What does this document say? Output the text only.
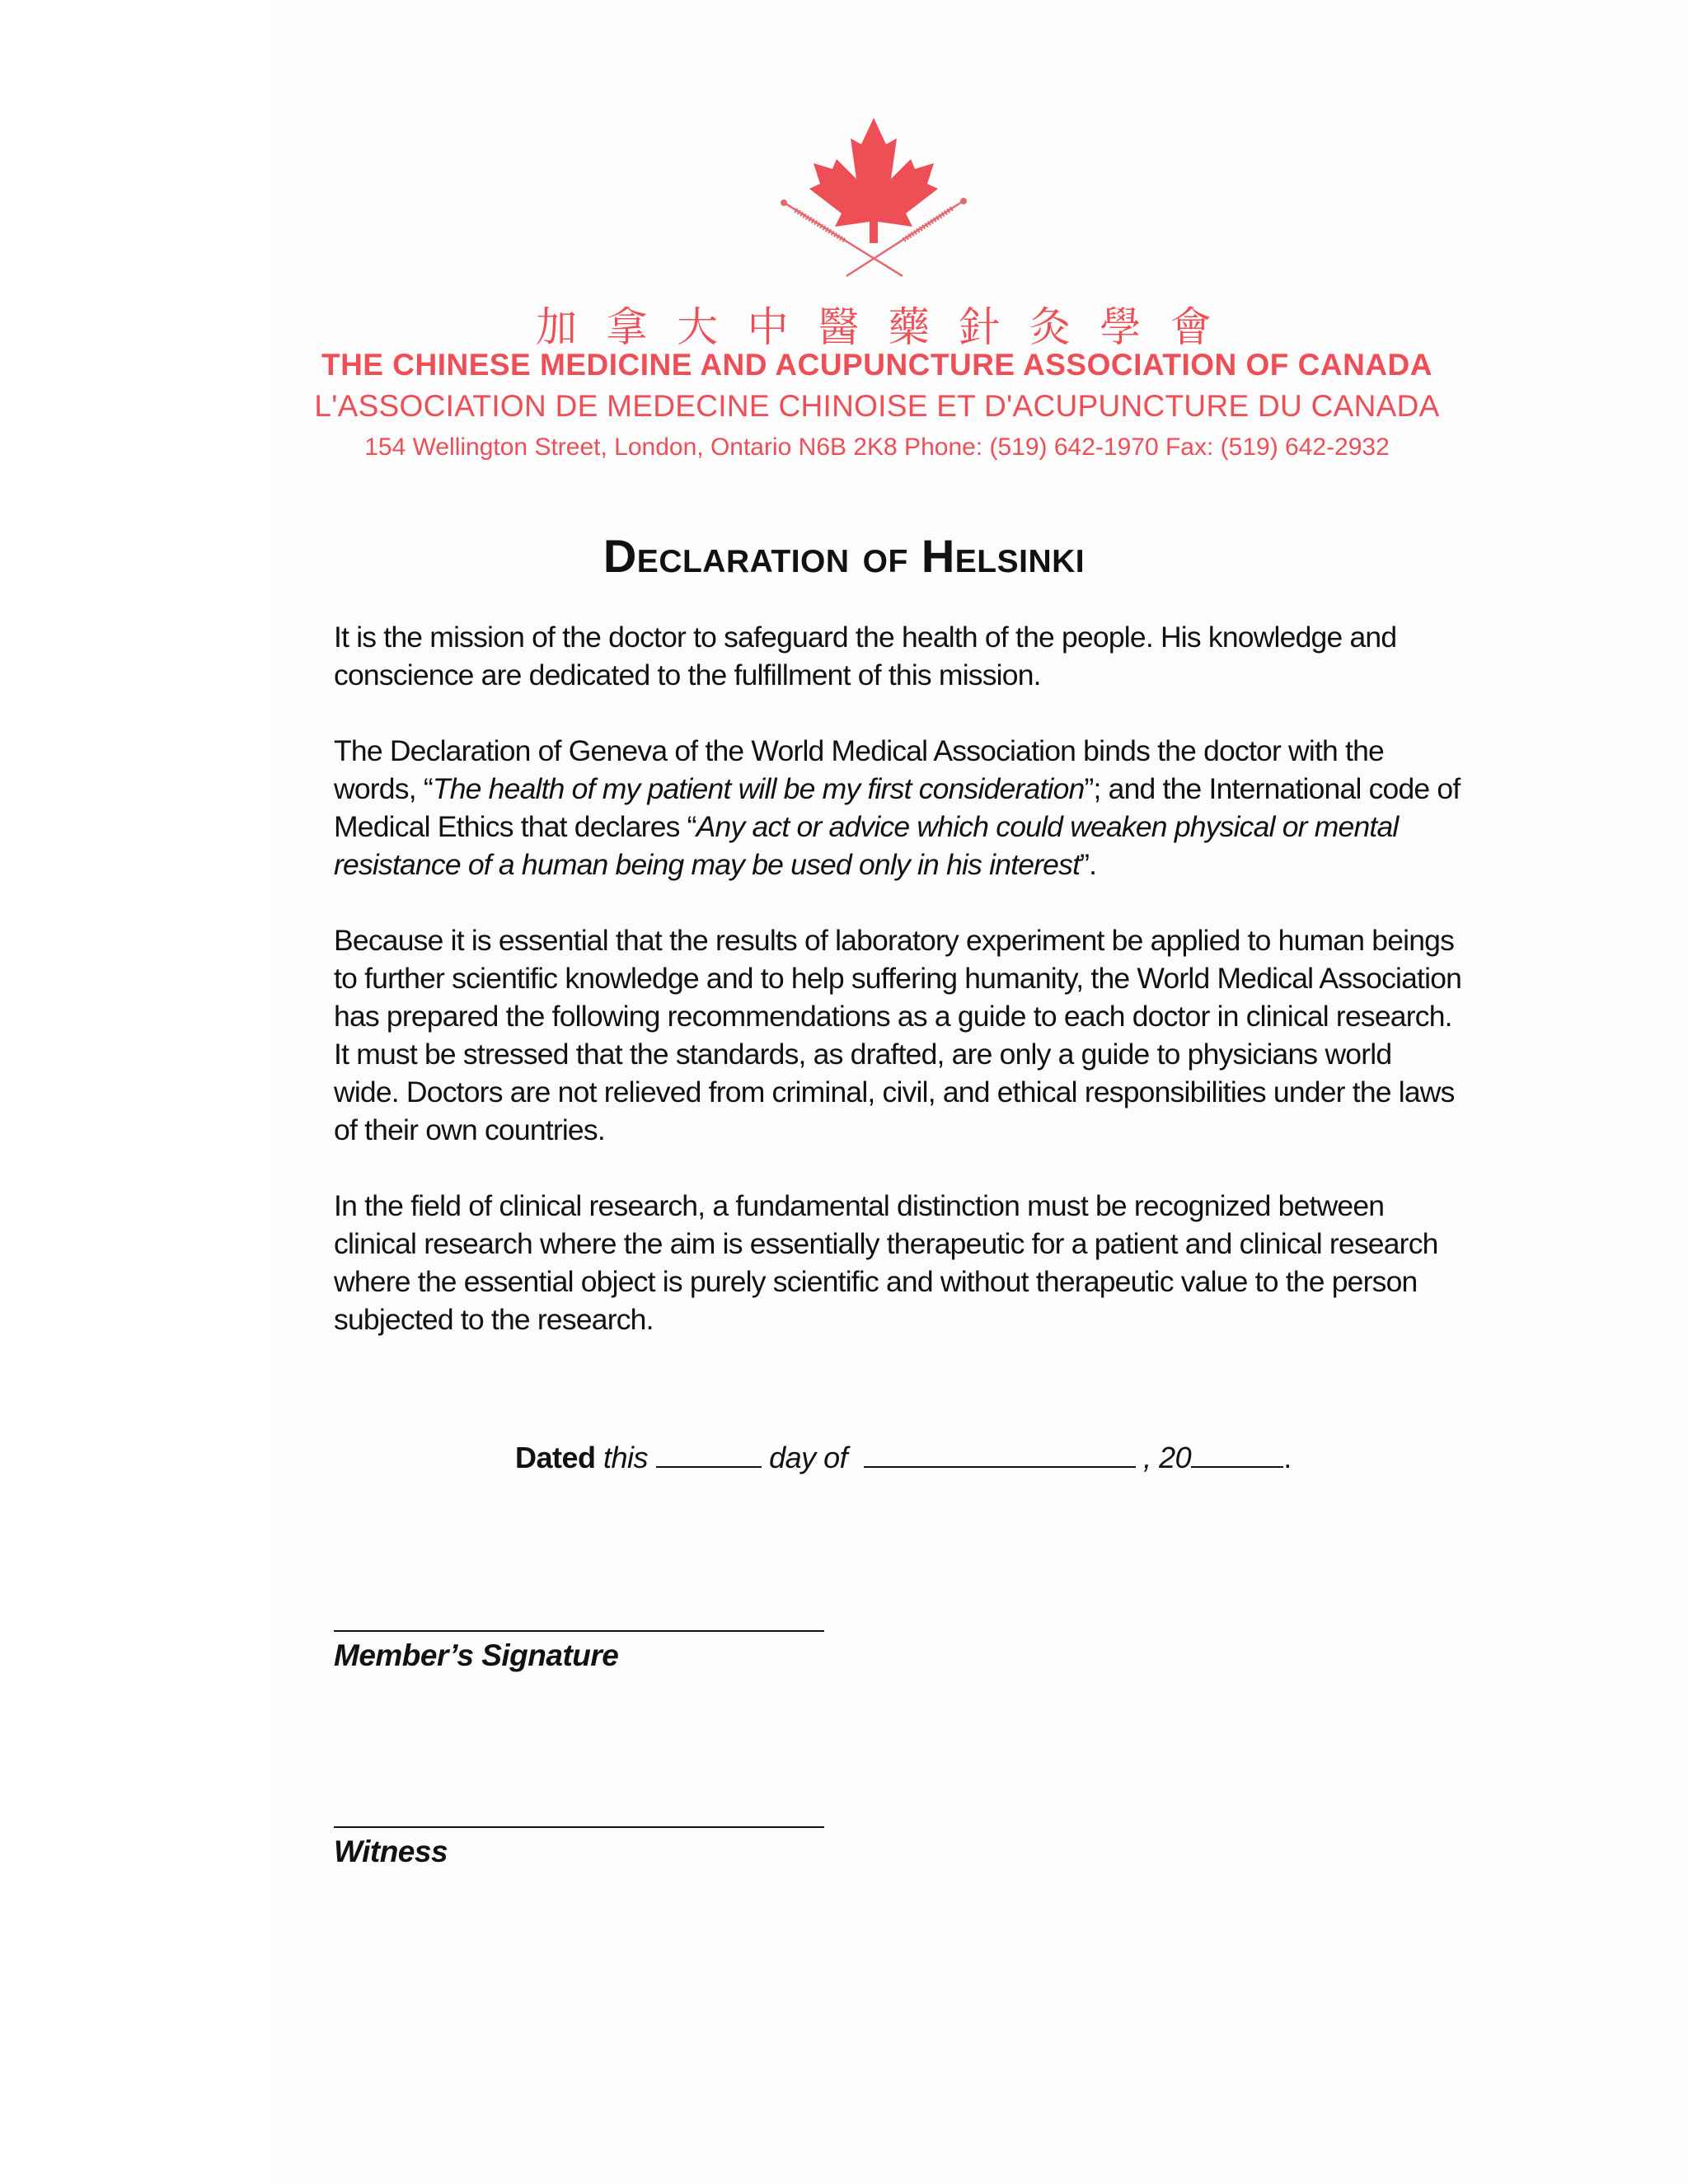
加 拿 大 中 醫 藥 針 灸 學 會
THE CHINESE MEDICINE AND ACUPUNCTURE ASSOCIATION OF CANADA
L'ASSOCIATION DE MEDECINE CHINOISE ET D'ACUPUNCTURE DU CANADA
154 Wellington Street, London, Ontario N6B 2K8 Phone: (519) 642-1970 Fax: (519) 642-2932
Declaration of Helsinki

It is the mission of the doctor to safeguard the health of the people. His knowledge and conscience are dedicated to the fulfillment of this mission.

The Declaration of Geneva of the World Medical Association binds the doctor with the words, “The health of my patient will be my first consideration”; and the International code of Medical Ethics that declares “Any act or advice which could weaken physical or mental resistance of a human being may be used only in his interest”.

Because it is essential that the results of laboratory experiment be applied to human beings to further scientific knowledge and to help suffering humanity, the World Medical Association has prepared the following recommendations as a guide to each doctor in clinical research. It must be stressed that the standards, as drafted, are only a guide to physicians world wide. Doctors are not relieved from criminal, civil, and ethical responsibilities under the laws of their own countries.

In the field of clinical research, a fundamental distinction must be recognized between clinical research where the aim is essentially therapeutic for a patient and clinical research where the essential object is purely scientific and without therapeutic value to the person subjected to the research.

Dated this	day of	, 20	.
Member’s Signature
Witness
